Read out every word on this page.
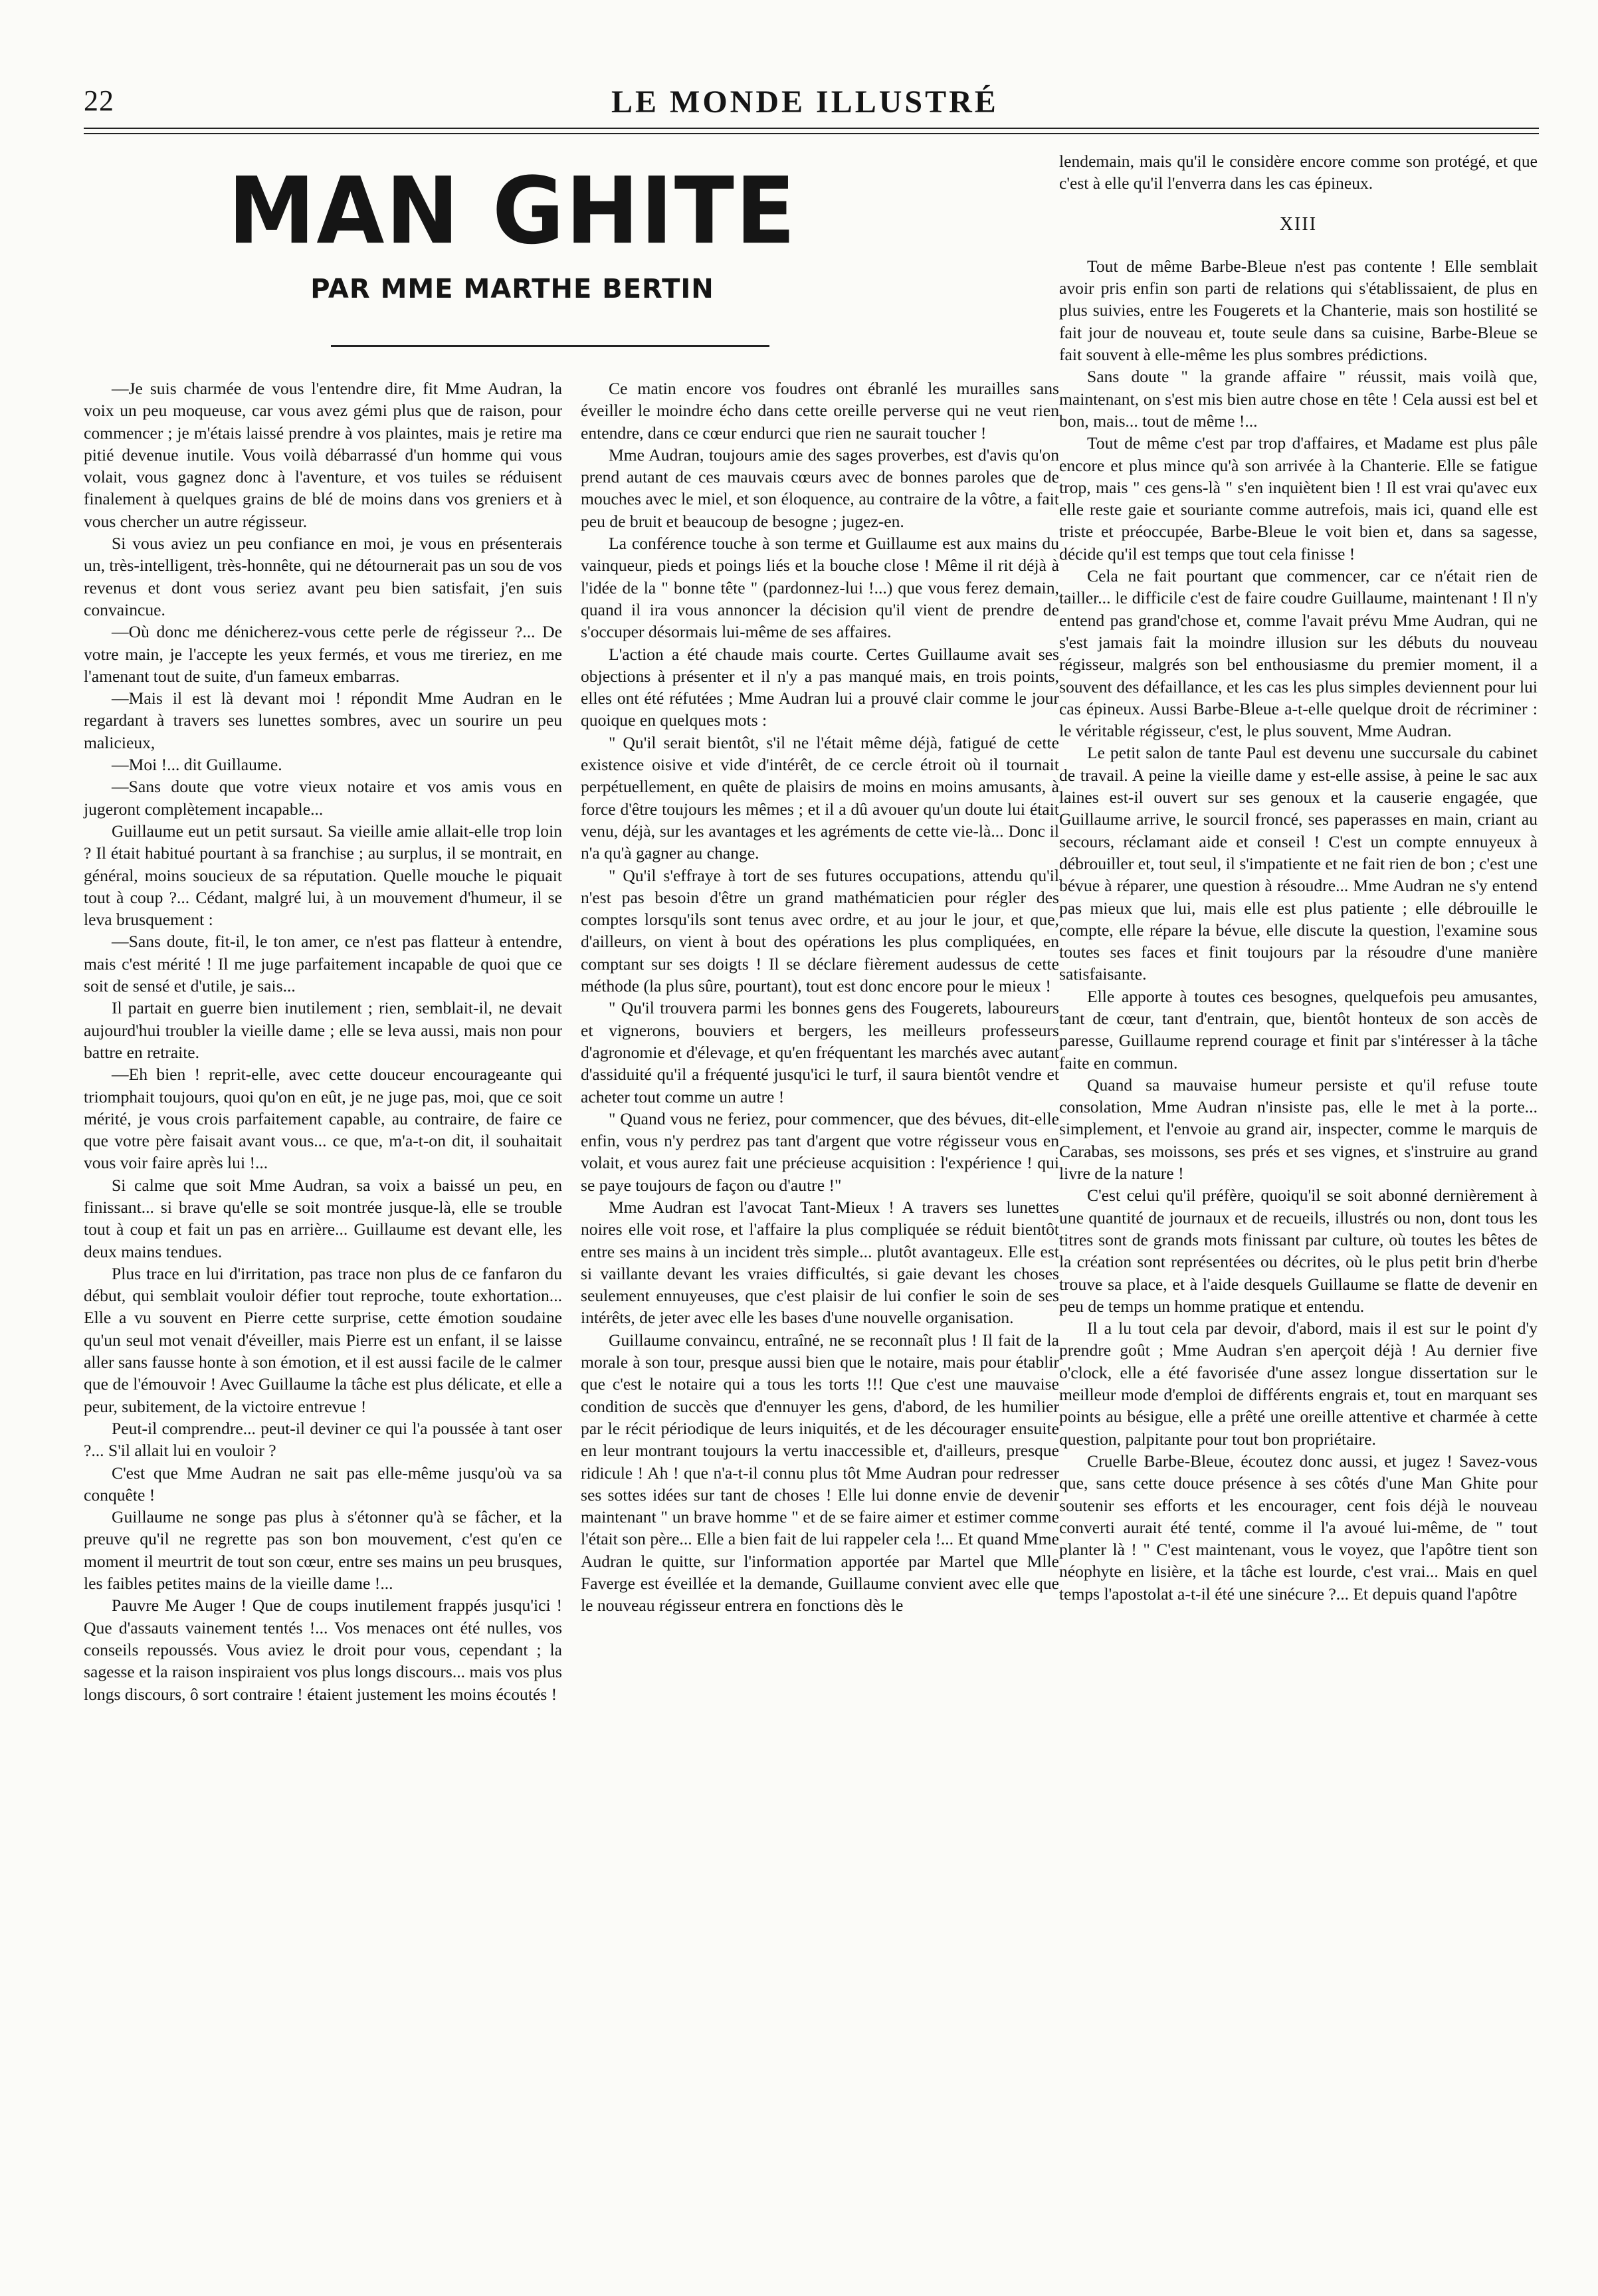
22	LE MONDE ILLUSTRÉ
MAN GHITE
PAR MME MARTHE BERTIN

—Je suis charmée de vous l'entendre dire, fit Mme Audran, la voix un peu moqueuse, car vous avez gémi plus que de raison, pour commencer ; je m'étais laissé prendre à vos plaintes, mais je retire ma pitié devenue inutile. Vous voilà débarrassé d'un homme qui vous volait, vous gagnez donc à l'aventure, et vos tuiles se réduisent finalement à quelques grains de blé de moins dans vos greniers et à vous chercher un autre régisseur.

Si vous aviez un peu confiance en moi, je vous en présenterais un, très-intelligent, très-honnête, qui ne détournerait pas un sou de vos revenus et dont vous seriez avant peu bien satisfait, j'en suis convaincue.

—Où donc me dénicherez-vous cette perle de régisseur ?... De votre main, je l'accepte les yeux fermés, et vous me tireriez, en me l'amenant tout de suite, d'un fameux embarras.

—Mais il est là devant moi ! répondit Mme Audran en le regardant à travers ses lunettes sombres, avec un sourire un peu malicieux,

—Moi !... dit Guillaume.

—Sans doute que votre vieux notaire et vos amis vous en jugeront complètement incapable...

Guillaume eut un petit sursaut. Sa vieille amie allait-elle trop loin ? Il était habitué pourtant à sa franchise ; au surplus, il se montrait, en général, moins soucieux de sa réputation. Quelle mouche le piquait tout à coup ?... Cédant, malgré lui, à un mouvement d'humeur, il se leva brusquement :

—Sans doute, fit-il, le ton amer, ce n'est pas flatteur à entendre, mais c'est mérité ! Il me juge parfaitement incapable de quoi que ce soit de sensé et d'utile, je sais...

Il partait en guerre bien inutilement ; rien, semblait-il, ne devait aujourd'hui troubler la vieille dame ; elle se leva aussi, mais non pour battre en retraite.

—Eh bien ! reprit-elle, avec cette douceur encourageante qui triomphait toujours, quoi qu'on en eût, je ne juge pas, moi, que ce soit mérité, je vous crois parfaitement capable, au contraire, de faire ce que votre père faisait avant vous... ce que, m'a-t-on dit, il souhaitait vous voir faire après lui !...

Si calme que soit Mme Audran, sa voix a baissé un peu, en finissant... si brave qu'elle se soit montrée jusque-là, elle se trouble tout à coup et fait un pas en arrière... Guillaume est devant elle, les deux mains tendues.

Plus trace en lui d'irritation, pas trace non plus de ce fanfaron du début, qui semblait vouloir défier tout reproche, toute exhortation... Elle a vu souvent en Pierre cette surprise, cette émotion soudaine qu'un seul mot venait d'éveiller, mais Pierre est un enfant, il se laisse aller sans fausse honte à son émotion, et il est aussi facile de le calmer que de l'émouvoir ! Avec Guillaume la tâche est plus délicate, et elle a peur, subitement, de la victoire entrevue !

Peut-il comprendre... peut-il deviner ce qui l'a poussée à tant oser ?... S'il allait lui en vouloir ?

C'est que Mme Audran ne sait pas elle-même jusqu'où va sa conquête !

Guillaume ne songe pas plus à s'étonner qu'à se fâcher, et la preuve qu'il ne regrette pas son bon mouvement, c'est qu'en ce moment il meurtrit de tout son cœur, entre ses mains un peu brusques, les faibles petites mains de la vieille dame !...

Pauvre Me Auger ! Que de coups inutilement frappés jusqu'ici ! Que d'assauts vainement tentés !... Vos menaces ont été nulles, vos conseils repoussés. Vous aviez le droit pour vous, cependant ; la sagesse et la raison inspiraient vos plus longs discours... mais vos plus longs discours, ô sort contraire ! étaient justement les moins écoutés !

Ce matin encore vos foudres ont ébranlé les murailles sans éveiller le moindre écho dans cette oreille perverse qui ne veut rien entendre, dans ce cœur endurci que rien ne saurait toucher !

Mme Audran, toujours amie des sages proverbes, est d'avis qu'on prend autant de ces mauvais cœurs avec de bonnes paroles que de mouches avec le miel, et son éloquence, au contraire de la vôtre, a fait peu de bruit et beaucoup de besogne ; jugez-en.

La conférence touche à son terme et Guillaume est aux mains du vainqueur, pieds et poings liés et la bouche close ! Même il rit déjà à l'idée de la " bonne tête " (pardonnez-lui !...) que vous ferez demain, quand il ira vous annoncer la décision qu'il vient de prendre de s'occuper désormais lui-même de ses affaires.

L'action a été chaude mais courte. Certes Guillaume avait ses objections à présenter et il n'y a pas manqué mais, en trois points, elles ont été réfutées ; Mme Audran lui a prouvé clair comme le jour quoique en quelques mots :

" Qu'il serait bientôt, s'il ne l'était même déjà, fatigué de cette existence oisive et vide d'intérêt, de ce cercle étroit où il tournait perpétuellement, en quête de plaisirs de moins en moins amusants, à force d'être toujours les mêmes ; et il a dû avouer qu'un doute lui était venu, déjà, sur les avantages et les agréments de cette vie-là... Donc il n'a qu'à gagner au change.

" Qu'il s'effraye à tort de ses futures occupations, attendu qu'il n'est pas besoin d'être un grand mathématicien pour régler des comptes lorsqu'ils sont tenus avec ordre, et au jour le jour, et que, d'ailleurs, on vient à bout des opérations les plus compliquées, en comptant sur ses doigts ! Il se déclare fièrement audessus de cette méthode (la plus sûre, pourtant), tout est donc encore pour le mieux !

" Qu'il trouvera parmi les bonnes gens des Fougerets, laboureurs et vignerons, bouviers et bergers, les meilleurs professeurs d'agronomie et d'élevage, et qu'en fréquentant les marchés avec autant d'assiduité qu'il a fréquenté jusqu'ici le turf, il saura bientôt vendre et acheter tout comme un autre !

" Quand vous ne feriez, pour commencer, que des bévues, dit-elle enfin, vous n'y perdrez pas tant d'argent que votre régisseur vous en volait, et vous aurez fait une précieuse acquisition : l'expérience ! qui se paye toujours de façon ou d'autre !"

Mme Audran est l'avocat Tant-Mieux ! A travers ses lunettes noires elle voit rose, et l'affaire la plus compliquée se réduit bientôt entre ses mains à un incident très simple... plutôt avantageux. Elle est si vaillante devant les vraies difficultés, si gaie devant les choses seulement ennuyeuses, que c'est plaisir de lui confier le soin de ses intérêts, de jeter avec elle les bases d'une nouvelle organisation.

Guillaume convaincu, entraîné, ne se reconnaît plus ! Il fait de la morale à son tour, presque aussi bien que le notaire, mais pour établir que c'est le notaire qui a tous les torts !!! Que c'est une mauvaise condition de succès que d'ennuyer les gens, d'abord, de les humilier par le récit périodique de leurs iniquités, et de les décourager ensuite en leur montrant toujours la vertu inaccessible et, d'ailleurs, presque ridicule ! Ah ! que n'a-t-il connu plus tôt Mme Audran pour redresser ses sottes idées sur tant de choses ! Elle lui donne envie de devenir maintenant " un brave homme " et de se faire aimer et estimer comme l'était son père... Elle a bien fait de lui rappeler cela !... Et quand Mme Audran le quitte, sur l'information apportée par Martel que Mlle Faverge est éveillée et la demande, Guillaume convient avec elle que le nouveau régisseur entrera en fonctions dès le

lendemain, mais qu'il le considère encore comme son protégé, et que c'est à elle qu'il l'enverra dans les cas épineux.

XIII

Tout de même Barbe-Bleue n'est pas contente ! Elle semblait avoir pris enfin son parti de relations qui s'établissaient, de plus en plus suivies, entre les Fougerets et la Chanterie, mais son hostilité se fait jour de nouveau et, toute seule dans sa cuisine, Barbe-Bleue se fait souvent à elle-même les plus sombres prédictions.

Sans doute " la grande affaire " réussit, mais voilà que, maintenant, on s'est mis bien autre chose en tête ! Cela aussi est bel et bon, mais... tout de même !...

Tout de même c'est par trop d'affaires, et Madame est plus pâle encore et plus mince qu'à son arrivée à la Chanterie. Elle se fatigue trop, mais " ces gens-là " s'en inquiètent bien ! Il est vrai qu'avec eux elle reste gaie et souriante comme autrefois, mais ici, quand elle est triste et préoccupée, Barbe-Bleue le voit bien et, dans sa sagesse, décide qu'il est temps que tout cela finisse !

Cela ne fait pourtant que commencer, car ce n'était rien de tailler... le difficile c'est de faire coudre Guillaume, maintenant ! Il n'y entend pas grand'chose et, comme l'avait prévu Mme Audran, qui ne s'est jamais fait la moindre illusion sur les débuts du nouveau régisseur, malgrés son bel enthousiasme du premier moment, il a souvent des défaillance, et les cas les plus simples deviennent pour lui cas épineux. Aussi Barbe-Bleue a-t-elle quelque droit de récriminer : le véritable régisseur, c'est, le plus souvent, Mme Audran.

Le petit salon de tante Paul est devenu une succursale du cabinet de travail. A peine la vieille dame y est-elle assise, à peine le sac aux laines est-il ouvert sur ses genoux et la causerie engagée, que Guillaume arrive, le sourcil froncé, ses paperasses en main, criant au secours, réclamant aide et conseil ! C'est un compte ennuyeux à débrouiller et, tout seul, il s'impatiente et ne fait rien de bon ; c'est une bévue à réparer, une question à résoudre... Mme Audran ne s'y entend pas mieux que lui, mais elle est plus patiente ; elle débrouille le compte, elle répare la bévue, elle discute la question, l'examine sous toutes ses faces et finit toujours par la résoudre d'une manière satisfaisante.

Elle apporte à toutes ces besognes, quelquefois peu amusantes, tant de cœur, tant d'entrain, que, bientôt honteux de son accès de paresse, Guillaume reprend courage et finit par s'intéresser à la tâche faite en commun.

Quand sa mauvaise humeur persiste et qu'il refuse toute consolation, Mme Audran n'insiste pas, elle le met à la porte... simplement, et l'envoie au grand air, inspecter, comme le marquis de Carabas, ses moissons, ses prés et ses vignes, et s'instruire au grand livre de la nature !

C'est celui qu'il préfère, quoiqu'il se soit abonné dernièrement à une quantité de journaux et de recueils, illustrés ou non, dont tous les titres sont de grands mots finissant par culture, où toutes les bêtes de la création sont représentées ou décrites, où le plus petit brin d'herbe trouve sa place, et à l'aide desquels Guillaume se flatte de devenir en peu de temps un homme pratique et entendu.

Il a lu tout cela par devoir, d'abord, mais il est sur le point d'y prendre goût ; Mme Audran s'en aperçoit déjà ! Au dernier five o'clock, elle a été favorisée d'une assez longue dissertation sur le meilleur mode d'emploi de différents engrais et, tout en marquant ses points au bésigue, elle a prêté une oreille attentive et charmée à cette question, palpitante pour tout bon propriétaire.

Cruelle Barbe-Bleue, écoutez donc aussi, et jugez ! Savez-vous que, sans cette douce présence à ses côtés d'une Man Ghite pour soutenir ses efforts et les encourager, cent fois déjà le nouveau converti aurait été tenté, comme il l'a avoué lui-même, de " tout planter là ! " C'est maintenant, vous le voyez, que l'apôtre tient son néophyte en lisière, et la tâche est lourde, c'est vrai... Mais en quel temps l'apostolat a-t-il été une sinécure ?... Et depuis quand l'apôtre
